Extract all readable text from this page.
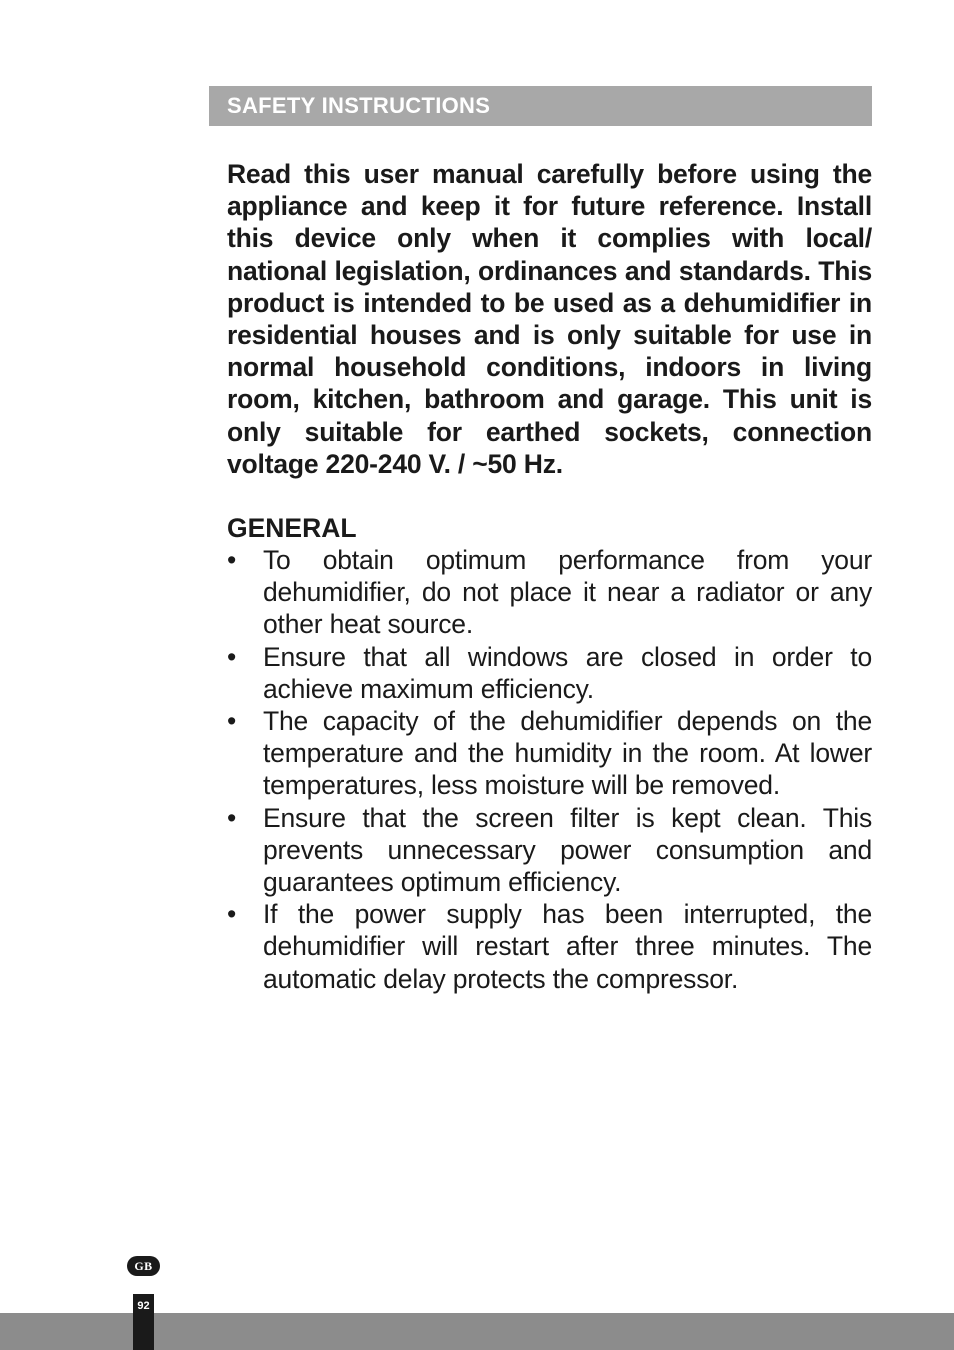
SAFETY INSTRUCTIONS

Read this user manual carefully before using the appliance and keep it for future reference. Install this device only when it complies with local/ national legislation, ordinances and standards. This product is intended to be used as a dehumidifier in residential houses and is only suitable for use in normal household conditions, indoors in living room, kitchen, bathroom and garage. This unit is only suitable for earthed sockets, connection voltage 220-240 V. / ~50 Hz.

GENERAL
• To obtain optimum performance from your dehumidifier, do not place it near a radiator or any other heat source.
• Ensure that all windows are closed in order to achieve maximum efficiency.
• The capacity of the dehumidifier depends on the temperature and the humidity in the room. At lower temperatures, less moisture will be removed.
• Ensure that the screen filter is kept clean. This prevents unnecessary power consumption and guarantees optimum efficiency.
• If the power supply has been interrupted, the dehumidifier will restart after three minutes. The automatic delay protects the compressor.
GB
92
